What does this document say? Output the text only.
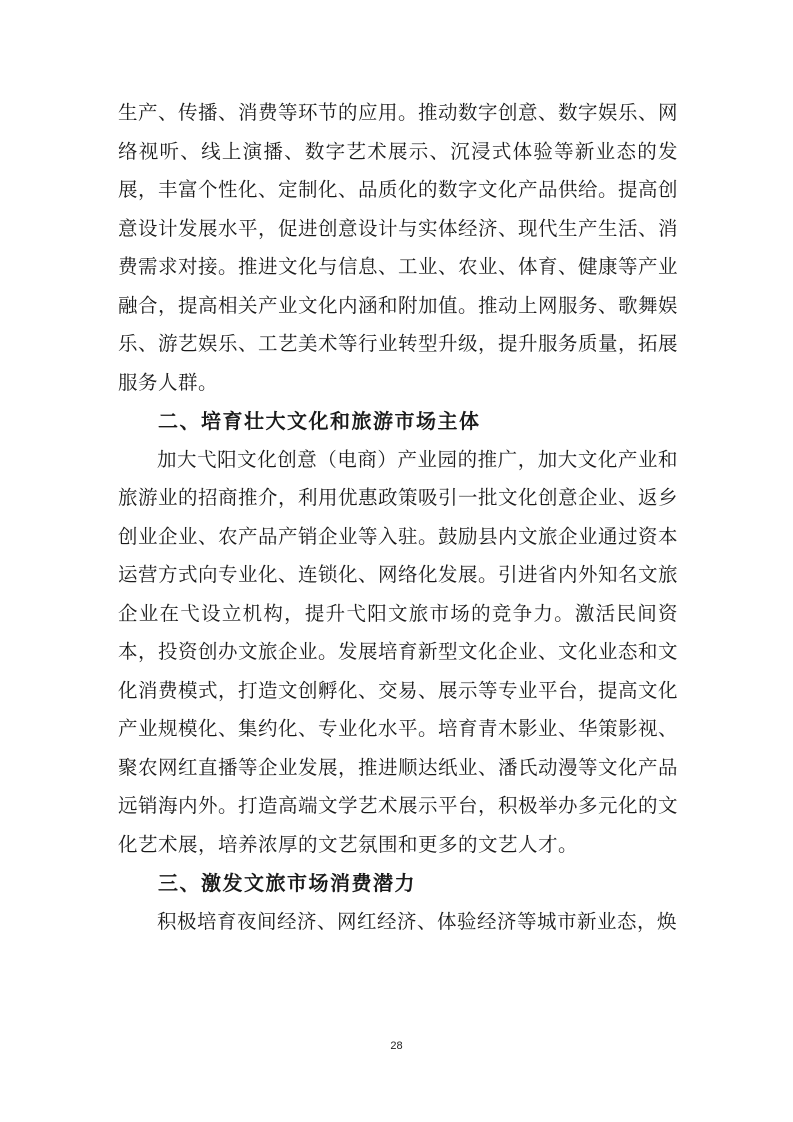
生产、传播、消费等环节的应用。推动数字创意、数字娱乐、网络视听、线上演播、数字艺术展示、沉浸式体验等新业态的发展，丰富个性化、定制化、品质化的数字文化产品供给。提高创意设计发展水平，促进创意设计与实体经济、现代生产生活、消费需求对接。推进文化与信息、工业、农业、体育、健康等产业融合，提高相关产业文化内涵和附加值。推动上网服务、歌舞娱乐、游艺娱乐、工艺美术等行业转型升级，提升服务质量，拓展服务人群。

二、培育壮大文化和旅游市场主体

加大弋阳文化创意（电商）产业园的推广，加大文化产业和旅游业的招商推介，利用优惠政策吸引一批文化创意企业、返乡创业企业、农产品产销企业等入驻。鼓励县内文旅企业通过资本运营方式向专业化、连锁化、网络化发展。引进省内外知名文旅企业在弋设立机构，提升弋阳文旅市场的竞争力。激活民间资本，投资创办文旅企业。发展培育新型文化企业、文化业态和文化消费模式，打造文创孵化、交易、展示等专业平台，提高文化产业规模化、集约化、专业化水平。培育青木影业、华策影视、聚农网红直播等企业发展，推进顺达纸业、潘氏动漫等文化产品远销海内外。打造高端文学艺术展示平台，积极举办多元化的文化艺术展，培养浓厚的文艺氛围和更多的文艺人才。

三、激发文旅市场消费潜力

积极培育夜间经济、网红经济、体验经济等城市新业态，焕

28
